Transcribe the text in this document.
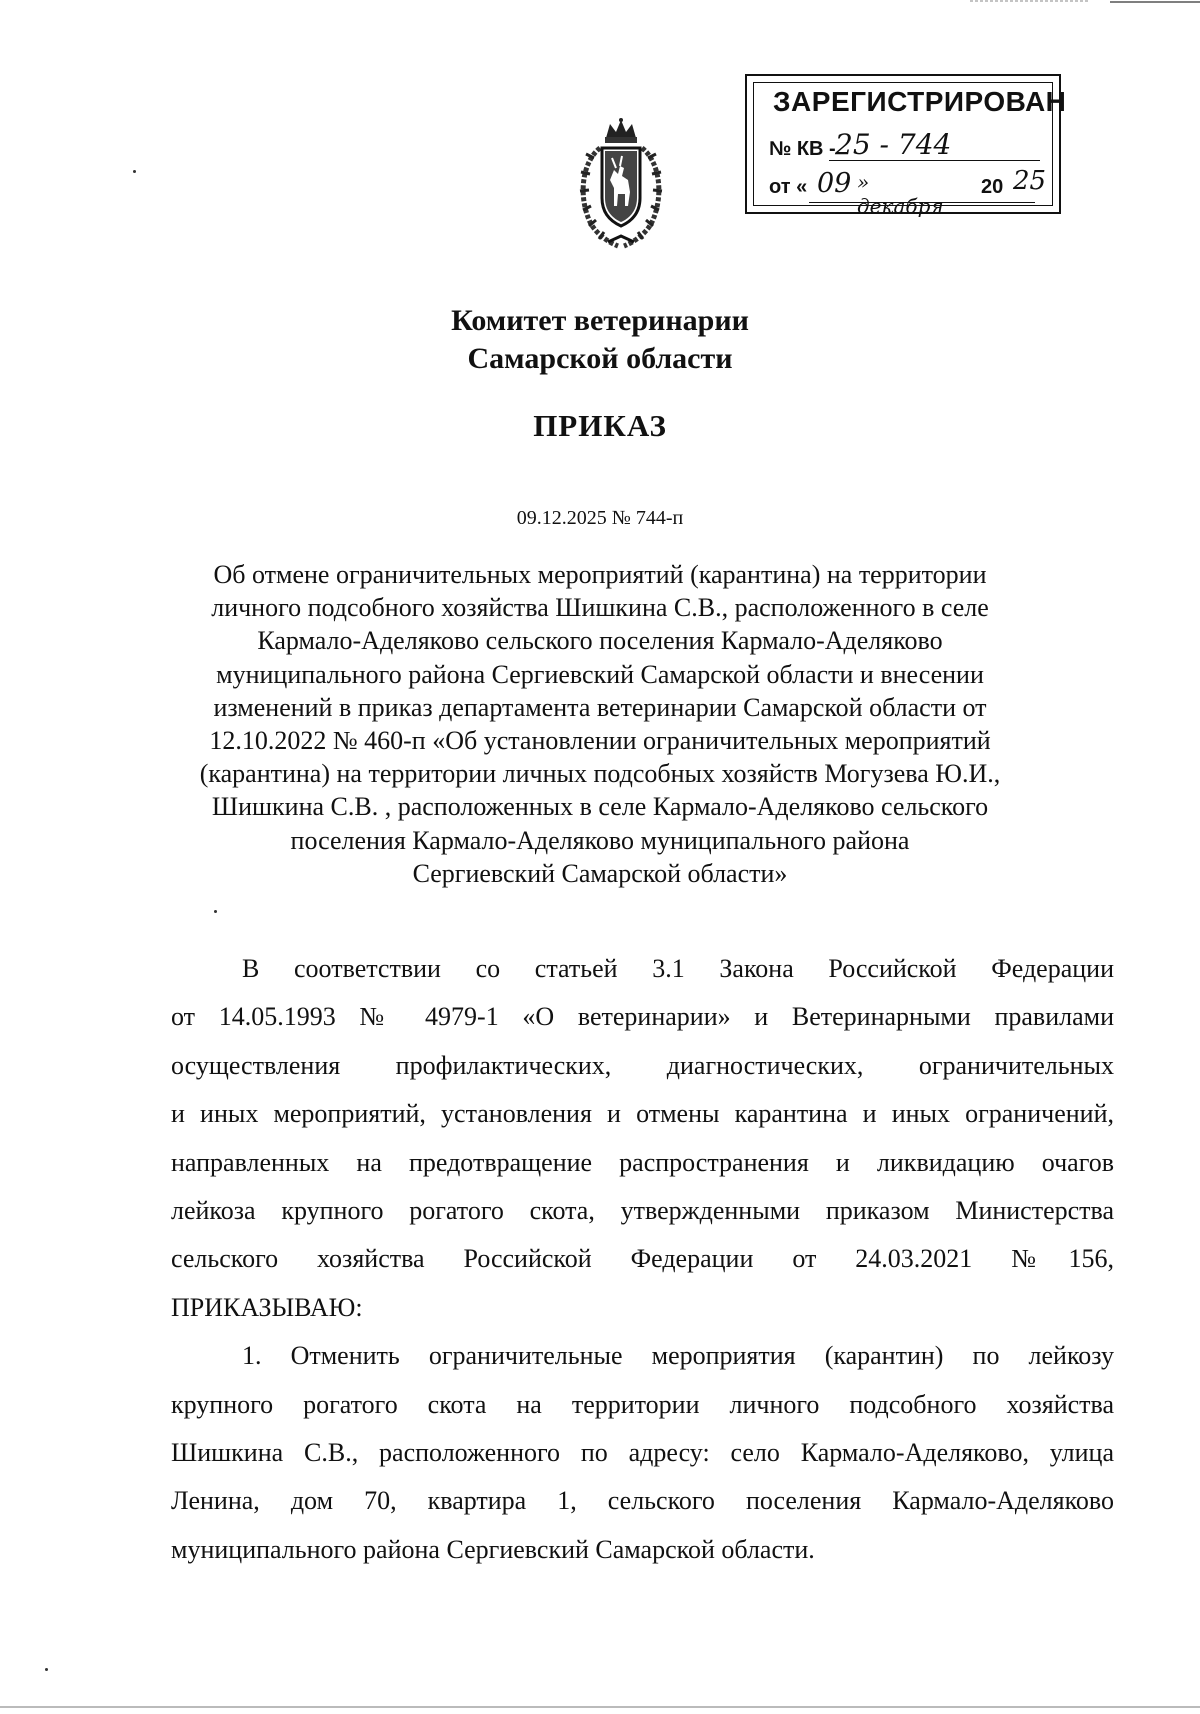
ЗАРЕГИСТРИРОВАН
№ КВ - 25 - 744
от « 09 » декабря
20 25
Комитет ветеринарии
Самарской области
ПРИКАЗ
09.12.2025 № 744-п
Об отмене ограничительных мероприятий (карантина) на территории
личного подсобного хозяйства Шишкина С.В., расположенного в селе
Кармало-Аделяково сельского поселения Кармало-Аделяково
муниципального района Сергиевский Самарской области и внесении
изменений в приказ департамента ветеринарии Самарской области от
12.10.2022 № 460-п «Об установлении ограничительных мероприятий
(карантина) на территории личных подсобных хозяйств Могузева Ю.И.,
Шишкина С.В. , расположенных в селе Кармало-Аделяково сельского
поселения Кармало-Аделяково муниципального района
Сергиевский Самарской области»
В соответствии со статьей 3.1 Закона Российской Федерации
от 14.05.1993 № 4979-1 «О ветеринарии» и Ветеринарными правилами
осуществления профилактических, диагностических, ограничительных
и иных мероприятий, установления и отмены карантина и иных ограничений,
направленных на предотвращение распространения и ликвидацию очагов
лейкоза крупного рогатого скота, утвержденными приказом Министерства
сельского хозяйства Российской Федерации от 24.03.2021 №156,
ПРИКАЗЫВАЮ:
1. Отменить ограничительные мероприятия (карантин) по лейкозу
крупного рогатого скота на территории личного подсобного хозяйства
Шишкина С.В., расположенного по адресу: село Кармало-Аделяково, улица
Ленина, дом 70, квартира 1, сельского поселения Кармало-Аделяково
муниципального района Сергиевский Самарской области.
